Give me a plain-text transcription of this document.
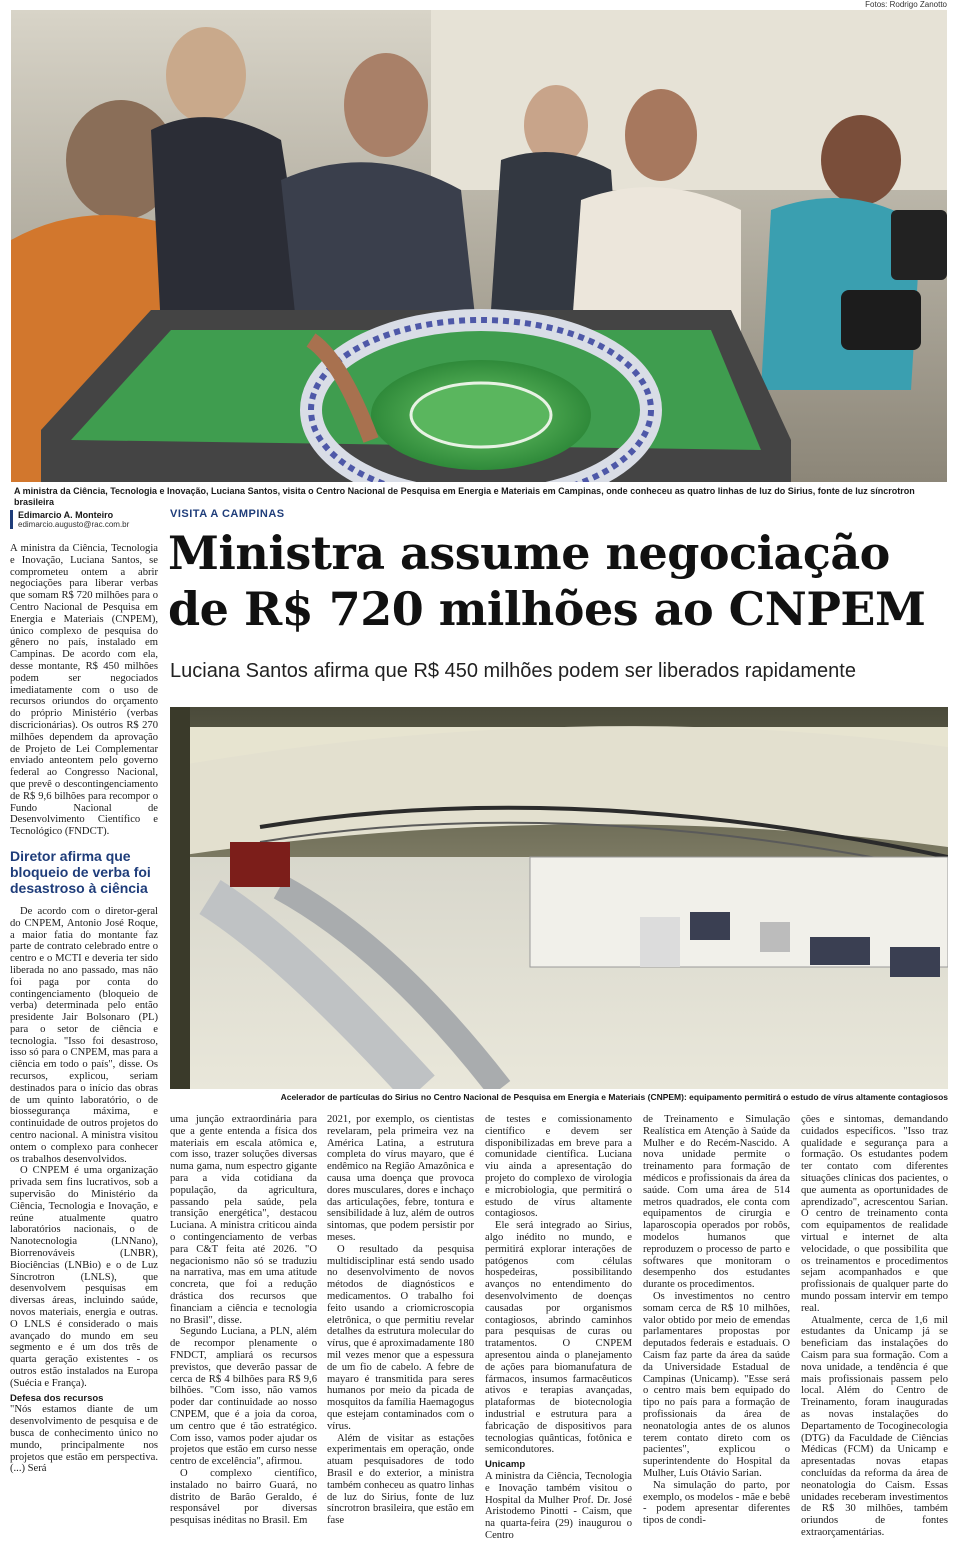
Fotos: Rodrigo Zanotto
A ministra da Ciência, Tecnologia e Inovação, Luciana Santos, visita o Centro Nacional de Pesquisa em Energia e Materiais em Campinas, onde conheceu as quatro linhas de luz do Sirius, fonte de luz síncrotron brasileira
Edimarcio A. Monteiro
edimarcio.augusto@rac.com.br
VISITA A CAMPINAS
Ministra assume negociação de R$ 720 milhões ao CNPEM
Luciana Santos afirma que R$ 450 milhões podem ser liberados rapidamente
Acelerador de partículas do Sirius no Centro Nacional de Pesquisa em Energia e Materiais (CNPEM): equipamento permitirá o estudo de vírus altamente contagiosos

A ministra da Ciência, Tecnologia e Inovação, Luciana Santos, se comprometeu ontem a abrir negociações para liberar verbas que somam R$ 720 milhões para o Centro Nacional de Pesquisa em Energia e Materiais (CNPEM), único complexo de pesquisa do gênero no país, instalado em Campinas. De acordo com ela, desse montante, R$ 450 milhões podem ser negociados imediatamente com o uso de recursos oriundos do orçamento do próprio Ministério (verbas discricionárias). Os outros R$ 270 milhões dependem da aprovação de Projeto de Lei Complementar enviado anteontem pelo governo federal ao Congresso Nacional, que prevê o descontingenciamento de R$ 9,6 bilhões para recompor o Fundo Nacional de Desenvolvimento Científico e Tecnológico (FNDCT).

Diretor afirma que bloqueio de verba foi desastroso à ciência

De acordo com o diretor-geral do CNPEM, Antonio José Roque, a maior fatia do montante faz parte de contrato celebrado entre o centro e o MCTI e deveria ter sido liberada no ano passado, mas não foi paga por conta do contingenciamento (bloqueio de verba) determinada pelo então presidente Jair Bolsonaro (PL) para o setor de ciência e tecnologia. "Isso foi desastroso, isso só para o CNPEM, mas para a ciência em todo o país", disse. Os recursos, explicou, seriam destinados para o início das obras de um quinto laboratório, o de biossegurança máxima, e continuidade de outros projetos do centro nacional. A ministra visitou ontem o complexo para conhecer os trabalhos desenvolvidos.

O CNPEM é uma organização privada sem fins lucrativos, sob a supervisão do Ministério da Ciência, Tecnologia e Inovação, e reúne atualmente quatro laboratórios nacionais, o de Nanotecnologia (LNNano), Biorrenováveis (LNBR), Biociências (LNBio) e o de Luz Síncrotron (LNLS), que desenvolvem pesquisas em diversas áreas, incluindo saúde, novos materiais, energia e outras. O LNLS é considerado o mais avançado do mundo em seu segmento e é um dos três de quarta geração existentes - os outros estão instalados na Europa (Suécia e França).

Defesa dos recursos

"Nós estamos diante de um desenvolvimento de pesquisa e de busca de conhecimento único no mundo, principalmente nos projetos que estão em perspectiva. (...) Será

uma junção extraordinária para que a gente entenda a física dos materiais em escala atômica e, com isso, trazer soluções diversas numa gama, num espectro gigante para a vida cotidiana da população, da agricultura, passando pela saúde, pela transição energética", destacou Luciana. A ministra criticou ainda o contingenciamento de verbas para C&T feita até 2026. "O negacionismo não só se traduziu na narrativa, mas em uma atitude concreta, que foi a redução drástica dos recursos que financiam a ciência e tecnologia no Brasil", disse.

Segundo Luciana, a PLN, além de recompor plenamente o FNDCT, ampliará os recursos previstos, que deverão passar de cerca de R$ 4 bilhões para R$ 9,6 bilhões. "Com isso, não vamos poder dar continuidade ao nosso CNPEM, que é a joia da coroa, um centro que é tão estratégico. Com isso, vamos poder ajudar os projetos que estão em curso nesse centro de excelência", afirmou.

O complexo científico, instalado no bairro Guará, no distrito de Barão Geraldo, é responsável por diversas pesquisas inéditas no Brasil. Em

2021, por exemplo, os cientistas revelaram, pela primeira vez na América Latina, a estrutura completa do vírus mayaro, que é endêmico na Região Amazônica e causa uma doença que provoca dores musculares, dores e inchaço das articulações, febre, tontura e sensibilidade à luz, além de outros sintomas, que podem persistir por meses.

O resultado da pesquisa multidisciplinar está sendo usado no desenvolvimento de novos métodos de diagnósticos e medicamentos. O trabalho foi feito usando a criomicroscopia eletrônica, o que permitiu revelar detalhes da estrutura molecular do vírus, que é aproximadamente 180 mil vezes menor que a espessura de um fio de cabelo. A febre de mayaro é transmitida para seres humanos por meio da picada de mosquitos da família Haemagogus que estejam contaminados com o vírus.

Além de visitar as estações experimentais em operação, onde atuam pesquisadores de todo Brasil e do exterior, a ministra também conheceu as quatro linhas de luz do Sirius, fonte de luz síncrotron brasileira, que estão em fase

de testes e comissionamento científico e devem ser disponibilizadas em breve para a comunidade científica. Luciana viu ainda a apresentação do projeto do complexo de virologia e microbiologia, que permitirá o estudo de vírus altamente contagiosos.

Ele será integrado ao Sirius, algo inédito no mundo, e permitirá explorar interações de patógenos com células hospedeiras, possibilitando avanços no entendimento do desenvolvimento de doenças causadas por organismos contagiosos, abrindo caminhos para pesquisas de curas ou tratamentos. O CNPEM apresentou ainda o planejamento de ações para biomanufatura de fármacos, insumos farmacêuticos ativos e terapias avançadas, plataformas de biotecnologia industrial e estrutura para a fabricação de dispositivos para tecnologias quânticas, fotônica e semicondutores.

Unicamp

A ministra da Ciência, Tecnologia e Inovação também visitou o Hospital da Mulher Prof. Dr. José Aristodemo Pinotti - Caism, que na quarta-feira (29) inaugurou o Centro

de Treinamento e Simulação Realística em Atenção à Saúde da Mulher e do Recém-Nascido. A nova unidade permite o treinamento para formação de médicos e profissionais da área da saúde. Com uma área de 514 metros quadrados, ele conta com equipamentos de cirurgia e laparoscopia operados por robôs, modelos humanos que reproduzem o processo de parto e softwares que monitoram o desempenho dos estudantes durante os procedimentos.

Os investimentos no centro somam cerca de R$ 10 milhões, valor obtido por meio de emendas parlamentares propostas por deputados federais e estaduais. O Caism faz parte da área da saúde da Universidade Estadual de Campinas (Unicamp). "Esse será o centro mais bem equipado do tipo no país para a formação de profissionais da área de neonatologia antes de os alunos terem contato direto com os pacientes", explicou o superintendente do Hospital da Mulher, Luís Otávio Sarian.

Na simulação do parto, por exemplo, os modelos - mãe e bebê - podem apresentar diferentes tipos de condi-

ções e sintomas, demandando cuidados específicos. "Isso traz qualidade e segurança para a formação. Os estudantes podem ter contato com diferentes situações clínicas dos pacientes, o que aumenta as oportunidades de aprendizado", acrescentou Sarian. O centro de treinamento conta com equipamentos de realidade virtual e internet de alta velocidade, o que possibilita que os treinamentos e procedimentos sejam acompanhados e que profissionais de qualquer parte do mundo possam intervir em tempo real.

Atualmente, cerca de 1,6 mil estudantes da Unicamp já se beneficiam das instalações do Caism para sua formação. Com a nova unidade, a tendência é que mais profissionais passem pelo local. Além do Centro de Treinamento, foram inauguradas as novas instalações do Departamento de Tocoginecologia (DTG) da Faculdade de Ciências Médicas (FCM) da Unicamp e apresentadas novas etapas concluídas da reforma da área de neonatologia do Caism. Essas unidades receberam investimentos de R$ 30 milhões, também oriundos de fontes extraorçamentárias.
